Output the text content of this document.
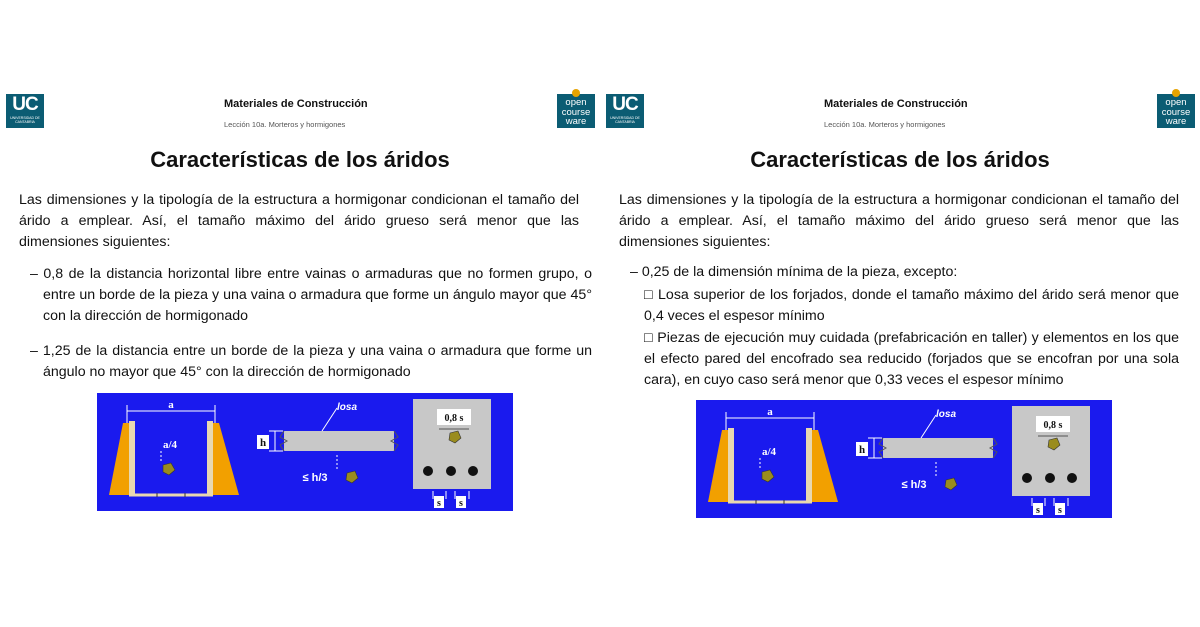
UC
UNIVERSIDAD DE CANTABRIA
Materiales de Construcción
Lección 10a. Morteros y hormigones
open
course
ware
Características de los áridos
Las dimensiones y la tipología de la estructura a hormigonar condicionan el tamaño del árido a emplear. Así, el tamaño máximo del árido grueso será menor que las dimensiones siguientes:
– 0,8 de la distancia horizontal libre entre vainas o armaduras que no formen grupo, o entre un borde de la pieza y una vaina o armadura que forme un ángulo mayor que 45° con la dirección de hormigonado
– 1,25 de la distancia entre un borde de la pieza y una vaina o armadura que forme un ángulo no mayor que 45° con la dirección de hormigonado
a
a/4	h
losa
≤ h/3
0,8 s
s s
UC
UNIVERSIDAD DE CANTABRIA
Materiales de Construcción
Lección 10a. Morteros y hormigones
open
course
ware
Características de los áridos
Las dimensiones y la tipología de la estructura a hormigonar condicionan el tamaño del árido a emplear. Así, el tamaño máximo del árido grueso será menor que las dimensiones siguientes:
– 0,25 de la dimensión mínima de la pieza, excepto:
□ Losa superior de los forjados, donde el tamaño máximo del árido será menor que 0,4 veces el espesor mínimo
□ Piezas de ejecución muy cuidada (prefabricación en taller) y elementos en los que el efecto pared del encofrado sea reducido (forjados que se encofran por una sola cara), en cuyo caso será menor que 0,33 veces el espesor mínimo
a
a/4	h
losa
≤ h/3
0,8 s
s s
